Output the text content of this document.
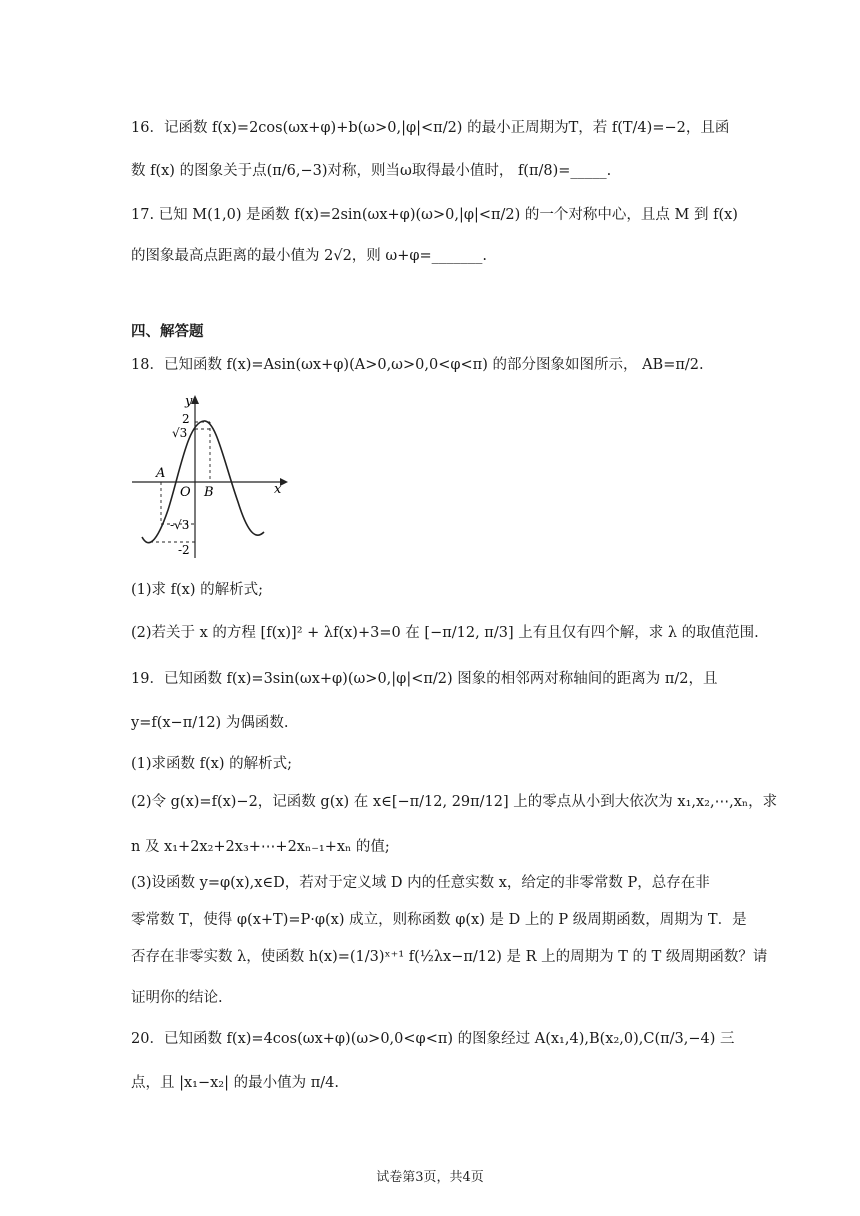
16．记函数 f(x)=2cos(ωx+φ)+b(ω>0,|φ|<π/2) 的最小正周期为T，若 f(T/4)=−2，且函
数 f(x) 的图象关于点(π/6,−3)对称，则当ω取得最小值时， f(π/8)=_____.
17. 已知 M(1,0) 是函数 f(x)=2sin(ωx+φ)(ω>0,|φ|<π/2) 的一个对称中心，且点 M 到 f(x)
的图象最高点距离的最小值为 2√2，则 ω+φ=_______.
四、解答题
18．已知函数 f(x)=Asin(ωx+φ)(A>0,ω>0,0<φ<π) 的部分图象如图所示， AB=π/2.
y
x
2
√3
A
O B
-√3
-2
(1)求 f(x) 的解析式;
(2)若关于 x 的方程 [f(x)]² + λf(x)+3=0 在 [−π/12, π/3] 上有且仅有四个解，求 λ 的取值范围.
19．已知函数 f(x)=3sin(ωx+φ)(ω>0,|φ|<π/2) 图象的相邻两对称轴间的距离为 π/2，且
y=f(x−π/12) 为偶函数.
(1)求函数 f(x) 的解析式;
(2)令 g(x)=f(x)−2，记函数 g(x) 在 x∈[−π/12, 29π/12] 上的零点从小到大依次为 x₁,x₂,⋯,xₙ，求
n 及 x₁+2x₂+2x₃+⋯+2xₙ₋₁+xₙ 的值;
(3)设函数 y=φ(x),x∈D，若对于定义域 D 内的任意实数 x，给定的非零常数 P，总存在非
零常数 T，使得 φ(x+T)=P·φ(x) 成立，则称函数 φ(x) 是 D 上的 P 级周期函数，周期为 T．是
否存在非零实数 λ，使函数 h(x)=(1/3)ˣ⁺¹ f(½λx−π/12) 是 R 上的周期为 T 的 T 级周期函数？请
证明你的结论.
20．已知函数 f(x)=4cos(ωx+φ)(ω>0,0<φ<π) 的图象经过 A(x₁,4),B(x₂,0),C(π/3,−4) 三
点，且 |x₁−x₂| 的最小值为 π/4.
试卷第3页，共4页
